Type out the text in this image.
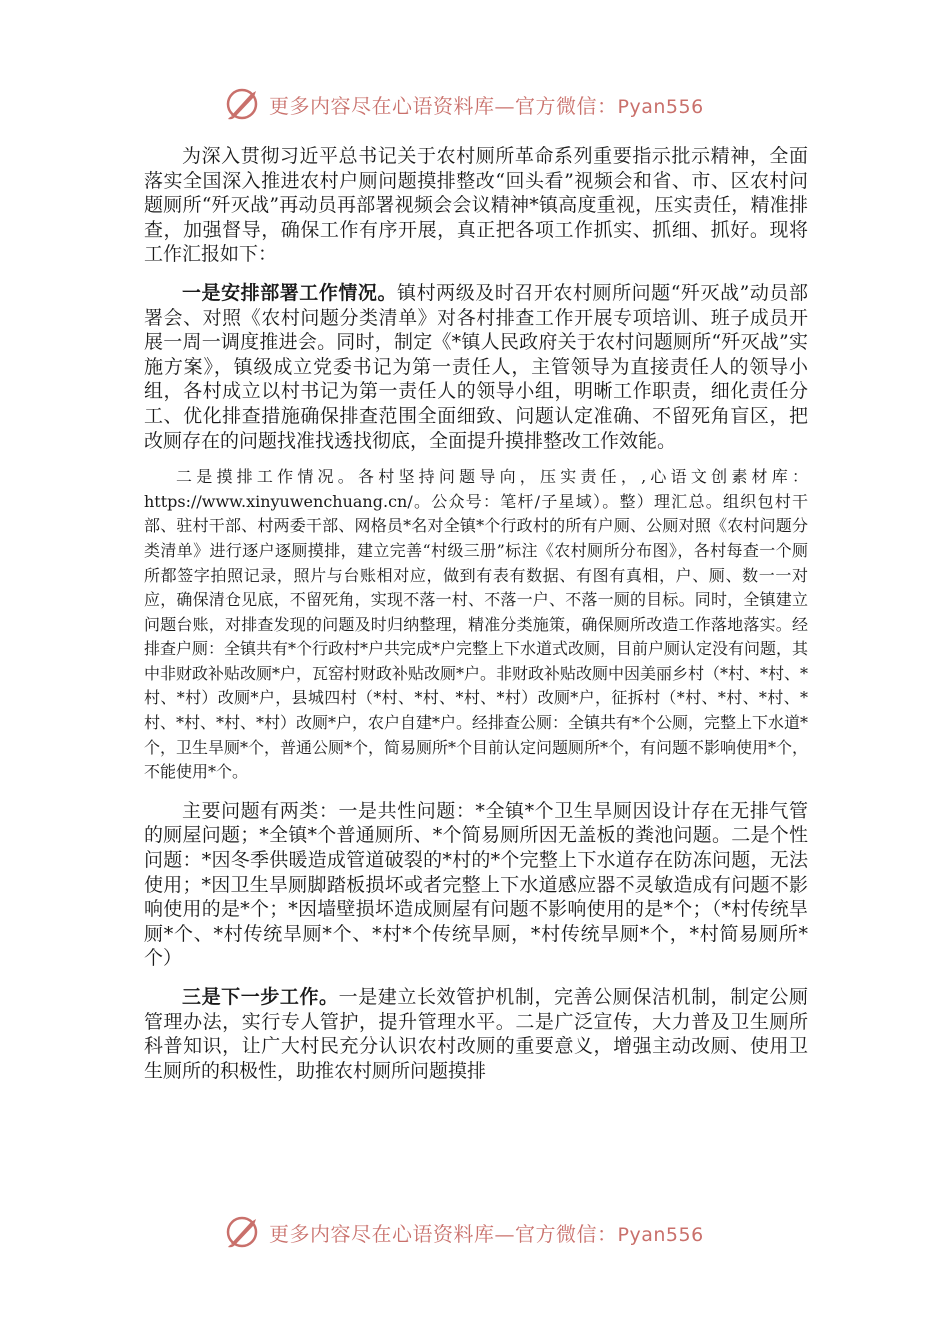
更多内容尽在心语资料库—官方微信：Pyan556

为深入贯彻习近平总书记关于农村厕所革命系列重要指示批示精神，全面落实全国深入推进农村户厕问题摸排整改“回头看”视频会和省、市、区农村问题厕所“歼灭战”再动员再部署视频会会议精神*镇高度重视，压实责任，精准排查，加强督导，确保工作有序开展，真正把各项工作抓实、抓细、抓好。现将工作汇报如下：

一是安排部署工作情况。镇村两级及时召开农村厕所问题“歼灭战”动员部署会、对照《农村问题分类清单》对各村排查工作开展专项培训、班子成员开展一周一调度推进会。同时，制定《*镇人民政府关于农村问题厕所“歼灭战”实施方案》，镇级成立党委书记为第一责任人，主管领导为直接责任人的领导小组，各村成立以村书记为第一责任人的领导小组，明晰工作职责，细化责任分工、优化排查措施确保排查范围全面细致、问题认定准确、不留死角盲区，把改厕存在的问题找准找透找彻底，全面提升摸排整改工作效能。

二是摸排工作情况。各村坚持问题导向，压实责任，,心语文创素材库：https://www.xinyuwenchuang.cn/。公众号：笔杆/子星域）。整）理汇总。组织包村干部、驻村干部、村两委干部、网格员*名对全镇*个行政村的所有户厕、公厕对照《农村问题分类清单》进行逐户逐厕摸排，建立完善“村级三册”标注《农村厕所分布图》，各村每查一个厕所都签字拍照记录，照片与台账相对应，做到有表有数据、有图有真相，户、厕、数一一对应，确保清仓见底，不留死角，实现不落一村、不落一户、不落一厕的目标。同时，全镇建立问题台账，对排查发现的问题及时归纳整理，精准分类施策，确保厕所改造工作落地落实。经排查户厕：全镇共有*个行政村*户共完成*户完整上下水道式改厕，目前户厕认定没有问题，其中非财政补贴改厕*户，瓦窑村财政补贴改厕*户。非财政补贴改厕中因美丽乡村（*村、*村、*村、*村）改厕*户，县城四村（*村、*村、*村、*村）改厕*户，征拆村（*村、*村、*村、*村、*村、*村、*村）改厕*户，农户自建*户。经排查公厕：全镇共有*个公厕，完整上下水道*个，卫生旱厕*个，普通公厕*个，简易厕所*个目前认定问题厕所*个，有问题不影响使用*个，不能使用*个。

主要问题有两类：一是共性问题：*全镇*个卫生旱厕因设计存在无排气管的厕屋问题；*全镇*个普通厕所、*个简易厕所因无盖板的粪池问题。二是个性问题：*因冬季供暖造成管道破裂的*村的*个完整上下水道存在防冻问题，无法使用；*因卫生旱厕脚踏板损坏或者完整上下水道感应器不灵敏造成有问题不影响使用的是*个；*因墙壁损坏造成厕屋有问题不影响使用的是*个；（*村传统旱厕*个、*村传统旱厕*个、*村*个传统旱厕，*村传统旱厕*个，*村简易厕所*个）

三是下一步工作。一是建立长效管护机制，完善公厕保洁机制，制定公厕管理办法，实行专人管护，提升管理水平。二是广泛宣传，大力普及卫生厕所科普知识，让广大村民充分认识农村改厕的重要意义，增强主动改厕、使用卫生厕所的积极性，助推农村厕所问题摸排

更多内容尽在心语资料库—官方微信：Pyan556
